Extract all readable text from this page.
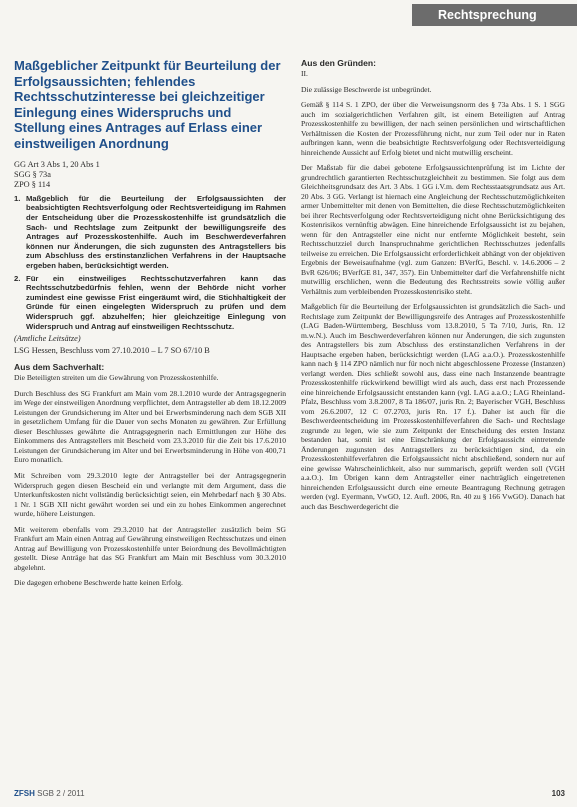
Rechtsprechung
Maßgeblicher Zeitpunkt für Beurteilung der Erfolgsaussichten; fehlendes Rechtsschutzinteresse bei gleichzeitiger Einlegung eines Widerspruchs und Stellung eines Antrages auf Erlass einer einstweiligen Anordnung
GG Art 3 Abs 1, 20 Abs 1
SGG § 73a
ZPO § 114
1. Maßgeblich für die Beurteilung der Erfolgsaussichten der beabsichtigten Rechtsverfolgung oder Rechtsverteidigung im Rahmen der Entscheidung über die Prozesskostenhilfe ist grundsätzlich die Sach- und Rechtslage zum Zeitpunkt der bewilligungsreife des Antrages auf Prozesskostenhilfe. Auch im Beschwerdeverfahren können nur Änderungen, die sich zugunsten des Antragstellers bis zum Abschluss des erstinstanzlichen Verfahrens in der Hauptsache ergeben haben, berücksichtigt werden.
2. Für ein einstweiliges Rechtsschutzverfahren kann das Rechtsschutzbedürfnis fehlen, wenn der Behörde nicht vorher zumindest eine gewisse Frist eingeräumt wird, die Stichhaltigkeit der Gründe für einen eingelegten Widerspruch zu prüfen und dem Widerspruch ggf. abzuhelfen; hier gleichzeitige Einlegung von Widerspruch und Antrag auf einstweiligen Rechtsschutz.
(Amtliche Leitsätze)
LSG Hessen, Beschluss vom 27.10.2010 – L 7 SO 67/10 B
Aus dem Sachverhalt:
Die Beteiligten streiten um die Gewährung von Prozesskostenhilfe.
Durch Beschluss des SG Frankfurt am Main vom 28.1.2010 wurde der Antragsgegnerin im Wege der einstweiligen Anordnung verpflichtet, dem Antragsteller ab dem 18.12.2009 Leistungen der Grundsicherung im Alter und bei Erwerbsminderung nach dem SGB XII in gesetzlichem Umfang für die Dauer von sechs Monaten zu gewähren. Zur Erfüllung dieser Beschlusses gewährte die Antragsgegnerin nach Ermittlungen zur Höhe des Einkommens des Antragstellers mit Bescheid vom 23.3.2010 für die Zeit bis 17.6.2010 Leistungen der Grundsicherung im Alter und bei Erwerbsminderung in Höhe von 400,71 Euro monatlich.
Mit Schreiben vom 29.3.2010 legte der Antragsteller bei der Antragsgegnerin Widerspruch gegen diesen Bescheid ein und verlangte mit dem Argument, dass die Unterkunftskosten nicht vollständig berücksichtigt seien, ein Mehrbedarf nach § 30 Abs. 1 Nr. 1 SGB XII nicht gewährt worden sei und ein zu hohes Einkommen angerechnet wurde, höhere Leistungen.
Mit weiterem ebenfalls vom 29.3.2010 hat der Antragsteller zusätzlich beim SG Frankfurt am Main einen Antrag auf Gewährung einstweiligen Rechtsschutzes und einen Antrag auf Bewilligung von Prozesskostenhilfe unter Beiordnung des Bevollmächtigten gestellt. Diese Anträge hat das SG Frankfurt am Main mit Beschluss vom 30.3.2010 abgelehnt.
Die dagegen erhobene Beschwerde hatte keinen Erfolg.
Aus den Gründen:
II.
Die zulässige Beschwerde ist unbegründet.
Gemäß § 114 S. 1 ZPO, der über die Verweisungsnorm des § 73a Abs. 1 S. 1 SGG auch im sozialgerichtlichen Verfahren gilt, ist einem Beteiligten auf Antrag Prozesskostenhilfe zu bewilligen, der nach seinen persönlichen und wirtschaftlichen Verhältnissen die Kosten der Prozessführung nicht, nur zum Teil oder nur in Raten aufbringen kann, wenn die beabsichtigte Rechtsverfolgung oder Rechtsverteidigung hinreichende Aussicht auf Erfolg bietet und nicht mutwillig erscheint.
Der Maßstab für die dabei gebotene Erfolgsaussichtenprüfung ist im Lichte der grundrechtlich garantierten Rechtsschutzgleichheit zu bestimmen. Sie folgt aus dem Gleichheitsgrundsatz des Art. 3 Abs. 1 GG i.V.m. dem Rechtsstaatsgrundsatz aus Art. 20 Abs. 3 GG. Verlangt ist hiernach eine Angleichung der Rechtsschutzmöglichkeiten armer Unbemittelter mit denen von Bemittelten, die diese Rechtsschutzmöglichkeiten bei ihrer Rechtsverfolgung oder Rechtsverteidigung nicht ohne Berücksichtigung des Kostenrisikos vernünftig abwägen. Eine hinreichende Erfolgsaussicht ist zu bejahen, wenn für den Antragsteller eine nicht nur entfernte Möglichkeit besteht, sein Rechtsschutzziel durch Inanspruchnahme gerichtlichen Rechtsschutzes jedenfalls teilweise zu erreichen. Die Erfolgsaussicht erforderlichkeit abhängt von der objektiven Ergebnis der Beweisaufnahme (vgl. zum Ganzen: BVerfG, Beschl. v. 14.6.2006 – 2 BvR 626/06; BVerfGE 81, 347, 357). Ein Unbemittelter darf die Verfahrenshilfe nicht mutwillig erschlichen, wenn die Bedeutung des Rechtsstreits sowie völlig außer Verhältnis zum verbleibenden Prozesskostenrisiko steht.
Maßgeblich für die Beurteilung der Erfolgsaussichten ist grundsätzlich die Sach- und Rechtslage zum Zeitpunkt der Bewilligungsreife des Antrages auf Prozesskostenhilfe (LAG Baden-Württemberg, Beschluss vom 13.8.2010, 5 Ta 7/10, Juris, Rn. 12 m.w.N.). Auch im Beschwerdeverfahren können nur Änderungen, die sich zugunsten des Antragstellers bis zum Abschluss des erstinstanzlichen Verfahrens in der Hauptsache ergeben haben, berücksichtigt werden (LAG a.a.O.). Prozesskostenhilfe kann nach § 114 ZPO nämlich nur für noch nicht abgeschlossene Prozesse (Instanzen) verlangt werden. Dies schließt sowohl aus, dass eine nach Instanzende beantragte Prozesskostenhilfe rückwirkend bewilligt wird als auch, dass erst nach Prozessende eine hinreichende Erfolgsaussicht entstanden kann (vgl. LAG a.a.O.; LAG Rheinland-Pfalz, Beschluss vom 3.8.2007, 8 Ta 186/07, juris Rn. 2; Bayerischer VGH, Beschluss vom 26.6.2007, 12 C 07.2703, juris Rn. 17 f.). Daher ist auch für die Beschwerdeentscheidung im Prozesskostenhilfeverfahren die Sach- und Rechtslage zugrunde zu legen, wie sie zum Zeitpunkt der Entscheidung des ersten Instanz bestanden hat, somit ist eine Einschränkung der Erfolgsaussicht eintretende Änderungen zugunsten des Antragstellers zu berücksichtigen sind, da ein Prozesskostenhilfeverfahren die Erfolgsaussicht nicht abschließend, sondern nur auf eine gewisse Wahrscheinlichkeit, also nur summarisch, geprüft werden soll (VGH a.a.O.). Im Übrigen kann dem Antragsteller einer nachträglich eingetretenen hinreichenden Erfolgsaussicht durch eine erneute Beantragung Rechnung getragen werden (vgl. Eyermann, VwGO, 12. Aufl. 2006, Rn. 40 zu § 166 VwGO). Danach hat auch das Beschwerdegericht die
ZFSH SGB 2 / 2011	103
